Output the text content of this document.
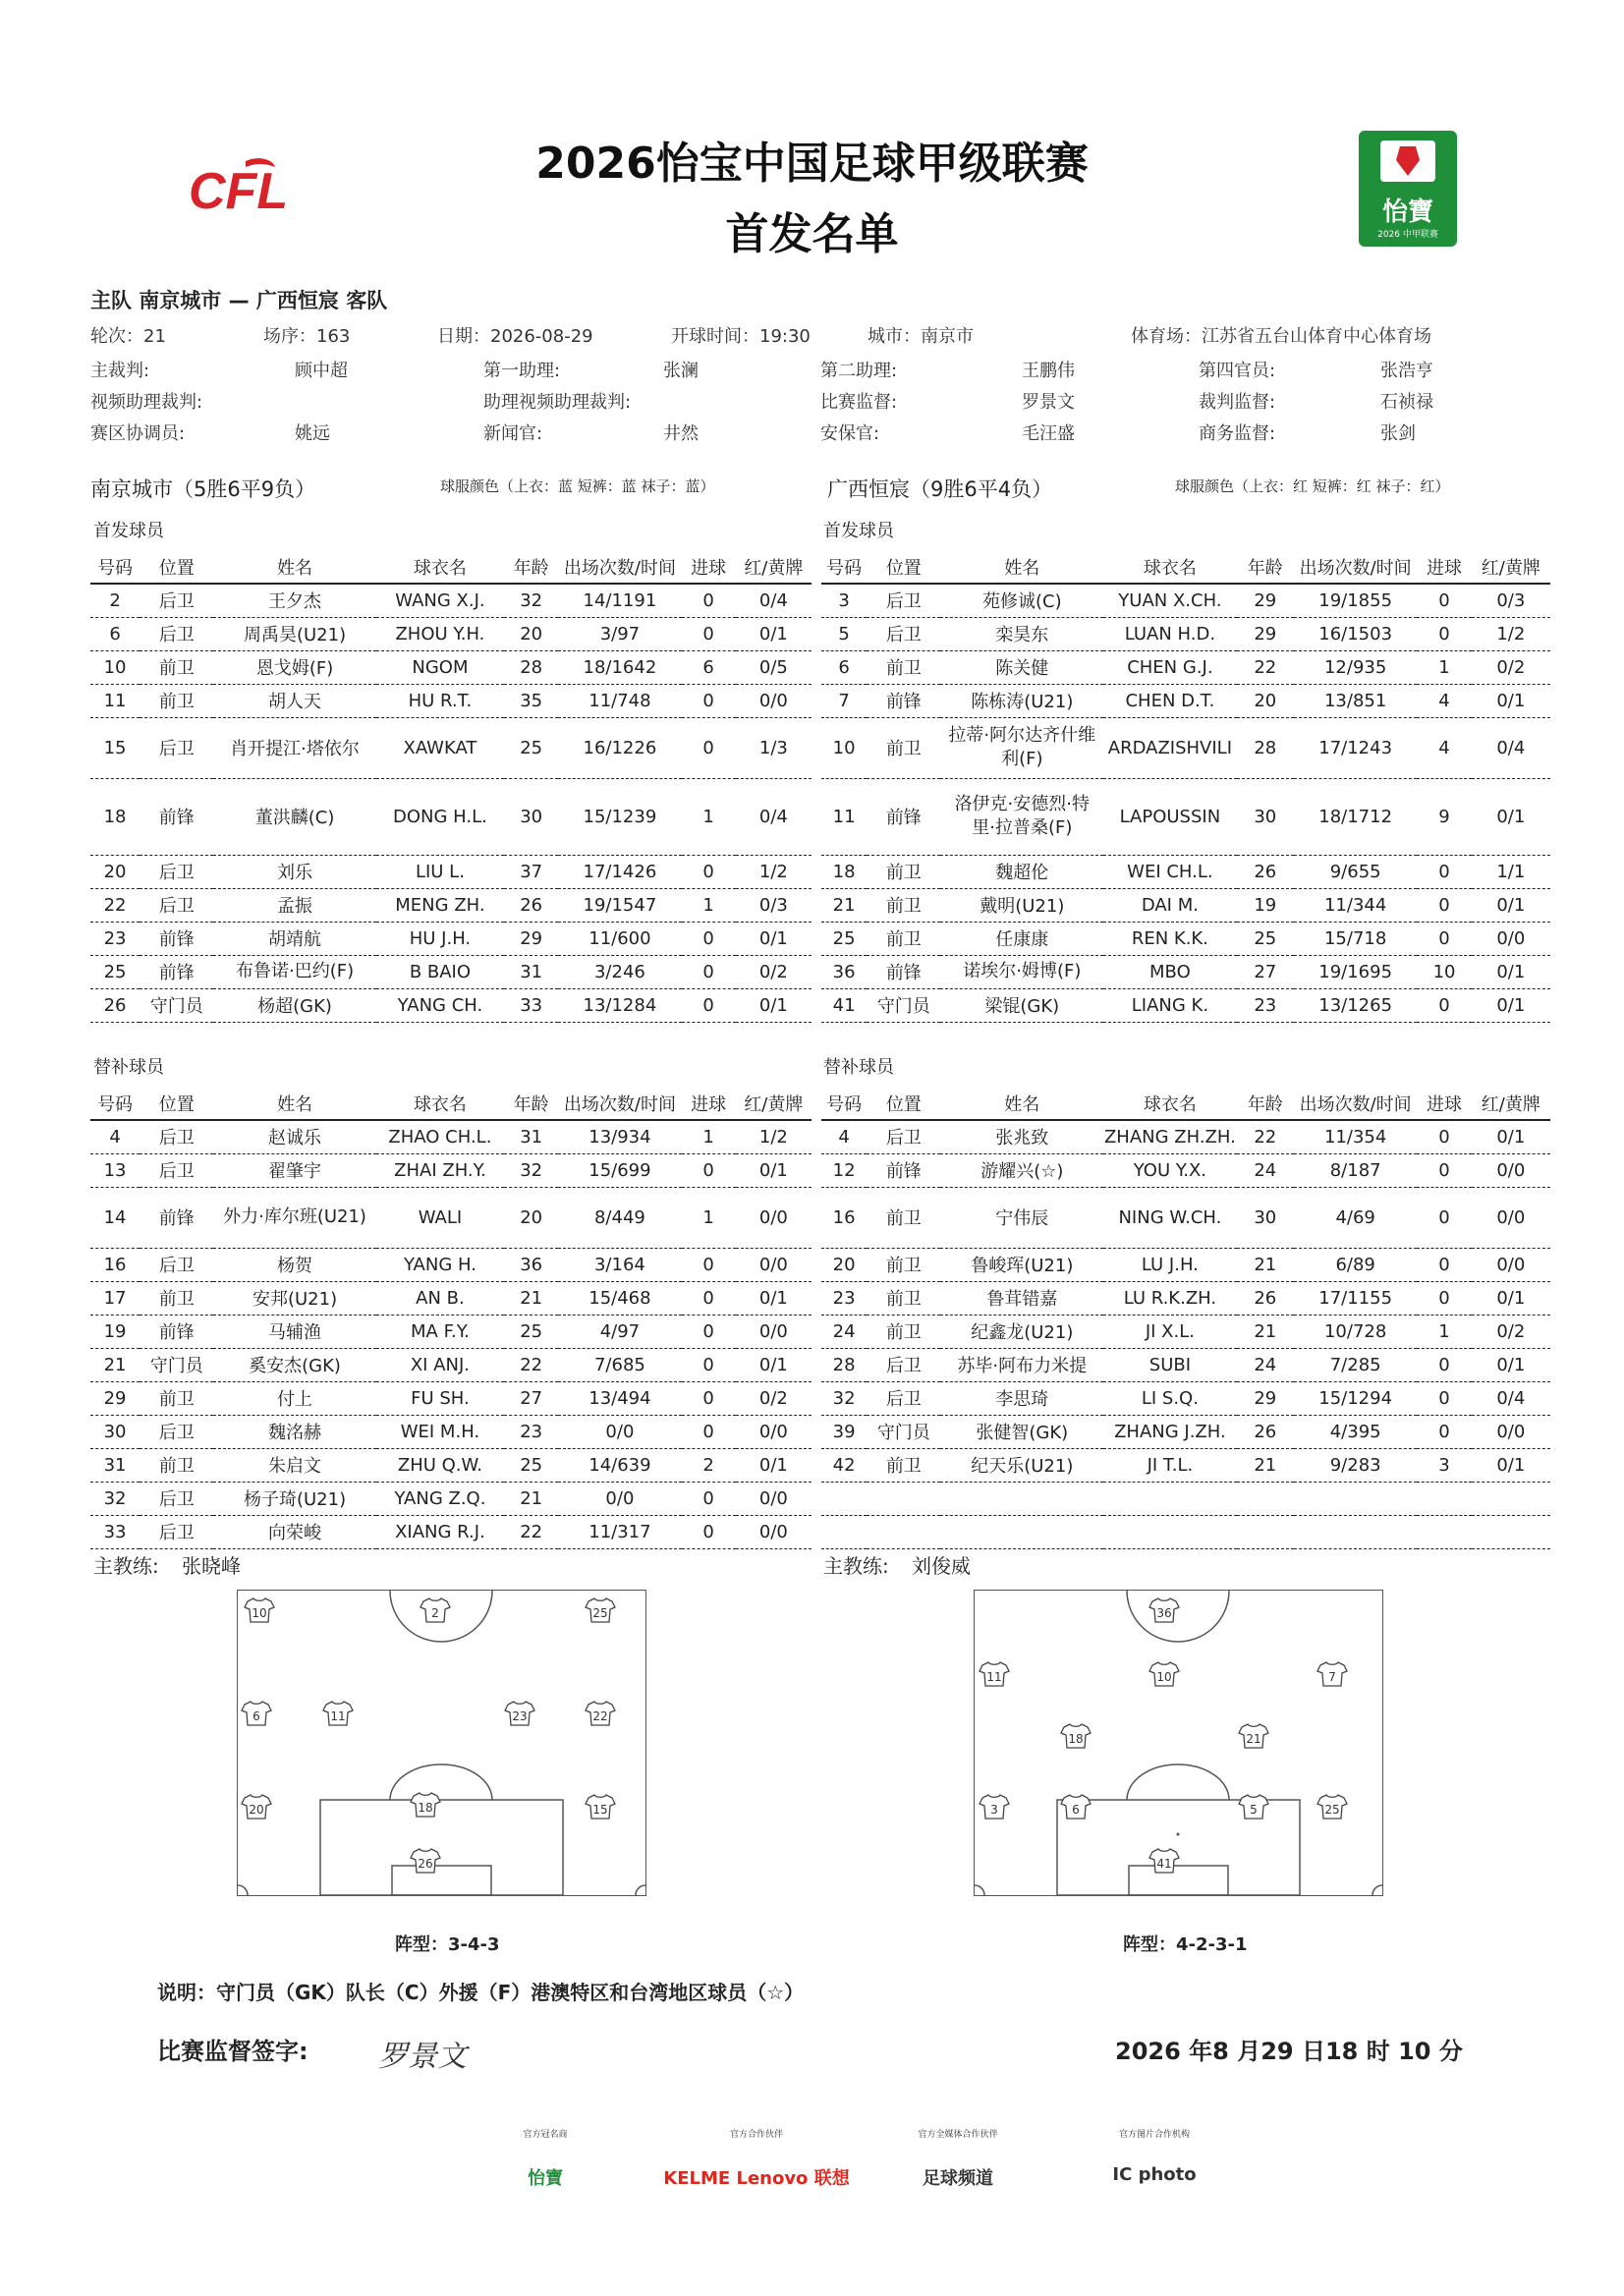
CFL	2026怡宝中国足球甲级联赛
首发名单	怡寶
2026 中甲联赛
主队 南京城市 — 广西恒宸 客队
轮次：21	场序：163	日期：2026-08-29	开球时间：19:30	城市：南京市	体育场：江苏省五台山体育中心体育场
主裁判:	顾中超	第一助理:	张澜	第二助理:	王鹏伟	第四官员:	张浩亨
视频助理裁判:	助理视频助理裁判:	比赛监督:	罗景文	裁判监督:	石祯禄
赛区协调员:	姚远	新闻官:	井然	安保官:	毛汪盛	商务监督:	张剑
南京城市（5胜6平9负）	球服颜色（上衣：蓝 短裤：蓝 袜子：蓝）	广西恒宸（9胜6平4负）	球服颜色（上衣：红 短裤：红 袜子：红）
首发球员	首发球员
号码	位置	姓名	球衣名	年龄	出场次数/时间	进球	红/黄牌
2	后卫	王夕杰	WANG X.J.	32	14/1191	0	0/4
6	后卫	周禹昊(U21)	ZHOU Y.H.	20	3/97	0	0/1
10	前卫	恩戈姆(F)	NGOM	28	18/1642	6	0/5
11	前卫	胡人天	HU R.T.	35	11/748	0	0/0
15	后卫	肖开提江·塔依尔	XAWKAT	25	16/1226	0	1/3
18	前锋	董洪麟(C)	DONG H.L.	30	15/1239	1	0/4
20	后卫	刘乐	LIU L.	37	17/1426	0	1/2
22	后卫	孟振	MENG ZH.	26	19/1547	1	0/3
23	前锋	胡靖航	HU J.H.	29	11/600	0	0/1
25	前锋	布鲁诺·巴约(F)	B BAIO	31	3/246	0	0/2
26	守门员	杨超(GK)	YANG CH.	33	13/1284	0	0/1
号码	位置	姓名	球衣名	年龄	出场次数/时间	进球	红/黄牌
3	后卫	苑修诚(C)	YUAN X.CH.	29	19/1855	0	0/3
5	后卫	栾昊东	LUAN H.D.	29	16/1503	0	1/2
6	前卫	陈关健	CHEN G.J.	22	12/935	1	0/2
7	前锋	陈栋涛(U21)	CHEN D.T.	20	13/851	4	0/1
10	前卫	拉蒂·阿尔达齐什维利(F)	ARDAZISHVILI	28	17/1243	4	0/4
11	前锋	洛伊克·安德烈·特里·拉普桑(F)	LAPOUSSIN	30	18/1712	9	0/1
18	前卫	魏超伦	WEI CH.L.	26	9/655	0	1/1
21	前卫	戴明(U21)	DAI M.	19	11/344	0	0/1
25	前卫	任康康	REN K.K.	25	15/718	0	0/0
36	前锋	诺埃尔·姆博(F)	MBO	27	19/1695	10	0/1
41	守门员	梁锟(GK)	LIANG K.	23	13/1265	0	0/1
替补球员	替补球员
号码	位置	姓名	球衣名	年龄	出场次数/时间	进球	红/黄牌
4	后卫	赵诚乐	ZHAO CH.L.	31	13/934	1	1/2
13	后卫	翟肇宇	ZHAI ZH.Y.	32	15/699	0	0/1
14	前锋	外力·库尔班(U21)	WALI	20	8/449	1	0/0
16	后卫	杨贺	YANG H.	36	3/164	0	0/0
17	前卫	安邦(U21)	AN B.	21	15/468	0	0/1
19	前锋	马辅渔	MA F.Y.	25	4/97	0	0/0
21	守门员	奚安杰(GK)	XI ANJ.	22	7/685	0	0/1
29	前卫	付上	FU SH.	27	13/494	0	0/2
30	后卫	魏洺赫	WEI M.H.	23	0/0	0	0/0
31	前卫	朱启文	ZHU Q.W.	25	14/639	2	0/1
32	后卫	杨子琦(U21)	YANG Z.Q.	21	0/0	0	0/0
33	后卫	向荣峻	XIANG R.J.	22	11/317	0	0/0
号码	位置	姓名	球衣名	年龄	出场次数/时间	进球	红/黄牌
4	后卫	张兆致	ZHANG ZH.ZH.	22	11/354	0	0/1
12	前锋	游耀兴(☆)	YOU Y.X.	24	8/187	0	0/0
16	前卫	宁伟辰	NING W.CH.	30	4/69	0	0/0
20	前卫	鲁峻珲(U21)	LU J.H.	21	6/89	0	0/0
23	前卫	鲁茸错嘉	LU R.K.ZH.	26	17/1155	0	0/1
24	前卫	纪鑫龙(U21)	JI X.L.	21	10/728	1	0/2
28	后卫	苏毕·阿布力米提	SUBI	24	7/285	0	0/1
32	后卫	李思琦	LI S.Q.	29	15/1294	0	0/4
39	守门员	张健智(GK)	ZHANG J.ZH.	26	4/395	0	0/0
42	前卫	纪天乐(U21)	JI T.L.	21	9/283	3	0/1

主教练: 张晓峰	主教练: 刘俊威
10	2	25
6	11	23	22
20	18	15
26
36
11	10	7
18	21
3	6	5	25
41
阵型：3-4-3	阵型：4-2-3-1
说明：守门员（GK）队长（C）外援（F）港澳特区和台湾地区球员（☆）
比赛监督签字: 罗景文	2026 年8 月29 日18 时 10 分
官方冠名商
怡寶
官方合作伙伴
KELME Lenovo 联想
官方全媒体合作伙伴
足球频道
官方图片合作机构
IC photo
